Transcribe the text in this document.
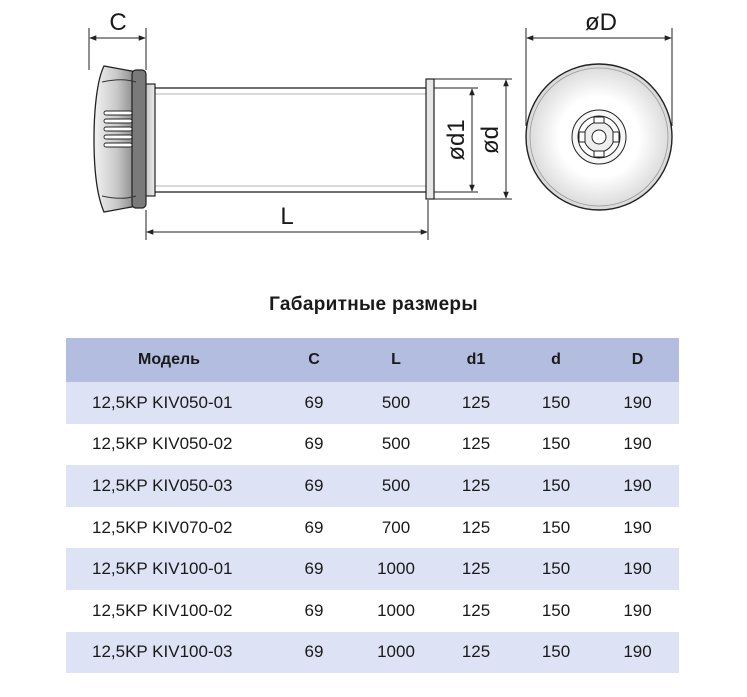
C
L
ød1 ød
øD
Габаритные размеры
Модель	C	L	d1	d	D
12,5KP KIV050-01	69	500	125	150	190
12,5KP KIV050-02	69	500	125	150	190
12,5KP KIV050-03	69	500	125	150	190
12,5KP KIV070-02	69	700	125	150	190
12,5KP KIV100-01	69	1000	125	150	190
12,5KP KIV100-02	69	1000	125	150	190
12,5KP KIV100-03	69	1000	125	150	190
